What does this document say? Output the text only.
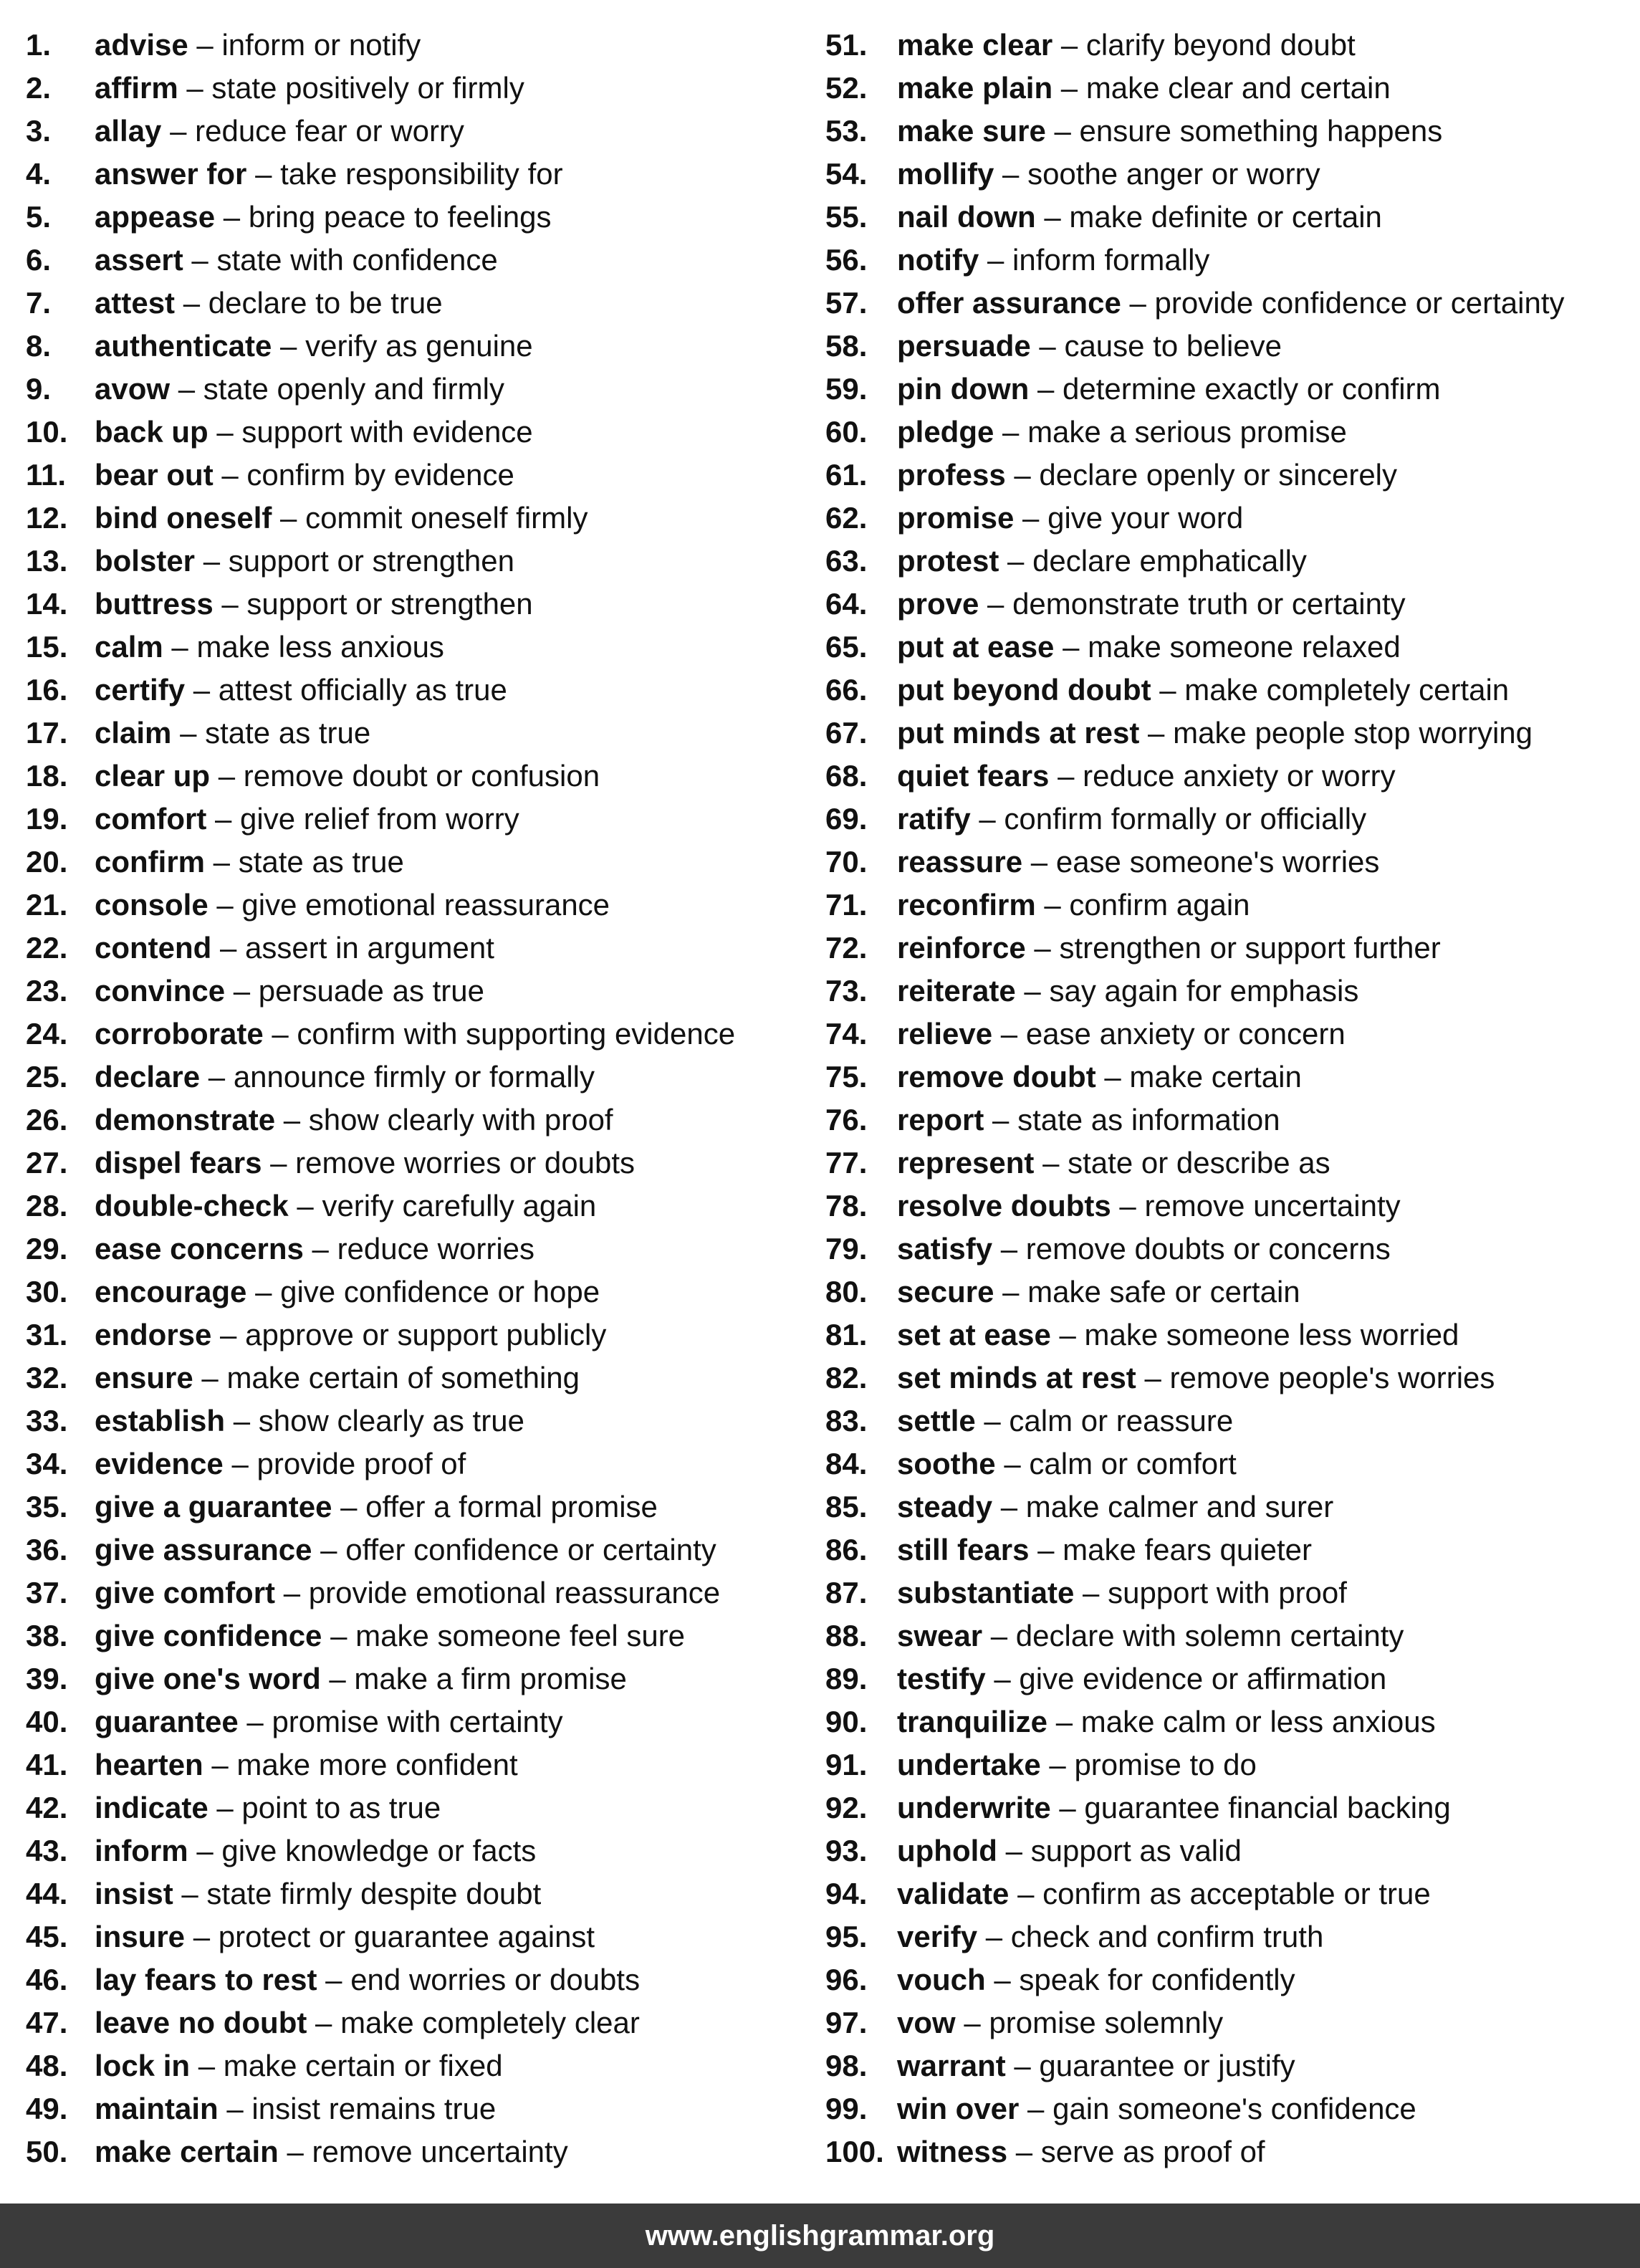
1.	advise – inform or notify
2.	affirm – state positively or firmly
3.	allay – reduce fear or worry
4.	answer for – take responsibility for
5.	appease – bring peace to feelings
6.	assert – state with confidence
7.	attest – declare to be true
8.	authenticate – verify as genuine
9.	avow – state openly and firmly
10. back up – support with evidence
11. bear out – confirm by evidence
12. bind oneself – commit oneself firmly
13. bolster – support or strengthen
14. buttress – support or strengthen
15. calm – make less anxious
16. certify – attest officially as true
17. claim – state as true
18. clear up – remove doubt or confusion
19. comfort – give relief from worry
20. confirm – state as true
21. console – give emotional reassurance
22. contend – assert in argument
23. convince – persuade as true
24. corroborate – confirm with supporting evidence
25. declare – announce firmly or formally
26. demonstrate – show clearly with proof
27. dispel fears – remove worries or doubts
28. double-check – verify carefully again
29. ease concerns – reduce worries
30. encourage – give confidence or hope
31. endorse – approve or support publicly
32. ensure – make certain of something
33. establish – show clearly as true
34. evidence – provide proof of
35. give a guarantee – offer a formal promise
36. give assurance – offer confidence or certainty
37. give comfort – provide emotional reassurance
38. give confidence – make someone feel sure
39. give one's word – make a firm promise
40. guarantee – promise with certainty
41. hearten – make more confident
42. indicate – point to as true
43. inform – give knowledge or facts
44. insist – state firmly despite doubt
45. insure – protect or guarantee against
46. lay fears to rest – end worries or doubts
47. leave no doubt – make completely clear
48. lock in – make certain or fixed
49. maintain – insist remains true
50. make certain – remove uncertainty
51. make clear – clarify beyond doubt
52. make plain – make clear and certain
53. make sure – ensure something happens
54. mollify – soothe anger or worry
55. nail down – make definite or certain
56. notify – inform formally
57. offer assurance – provide confidence or certainty
58. persuade – cause to believe
59. pin down – determine exactly or confirm
60. pledge – make a serious promise
61. profess – declare openly or sincerely
62. promise – give your word
63. protest – declare emphatically
64. prove – demonstrate truth or certainty
65. put at ease – make someone relaxed
66. put beyond doubt – make completely certain
67. put minds at rest – make people stop worrying
68. quiet fears – reduce anxiety or worry
69. ratify – confirm formally or officially
70. reassure – ease someone's worries
71. reconfirm – confirm again
72. reinforce – strengthen or support further
73. reiterate – say again for emphasis
74. relieve – ease anxiety or concern
75. remove doubt – make certain
76. report – state as information
77. represent – state or describe as
78. resolve doubts – remove uncertainty
79. satisfy – remove doubts or concerns
80. secure – make safe or certain
81. set at ease – make someone less worried
82. set minds at rest – remove people's worries
83. settle – calm or reassure
84. soothe – calm or comfort
85. steady – make calmer and surer
86. still fears – make fears quieter
87. substantiate – support with proof
88. swear – declare with solemn certainty
89. testify – give evidence or affirmation
90. tranquilize – make calm or less anxious
91. undertake – promise to do
92. underwrite – guarantee financial backing
93. uphold – support as valid
94. validate – confirm as acceptable or true
95. verify – check and confirm truth
96. vouch – speak for confidently
97. vow – promise solemnly
98. warrant – guarantee or justify
99. win over – gain someone's confidence
100. witness – serve as proof of
www.englishgrammar.org
